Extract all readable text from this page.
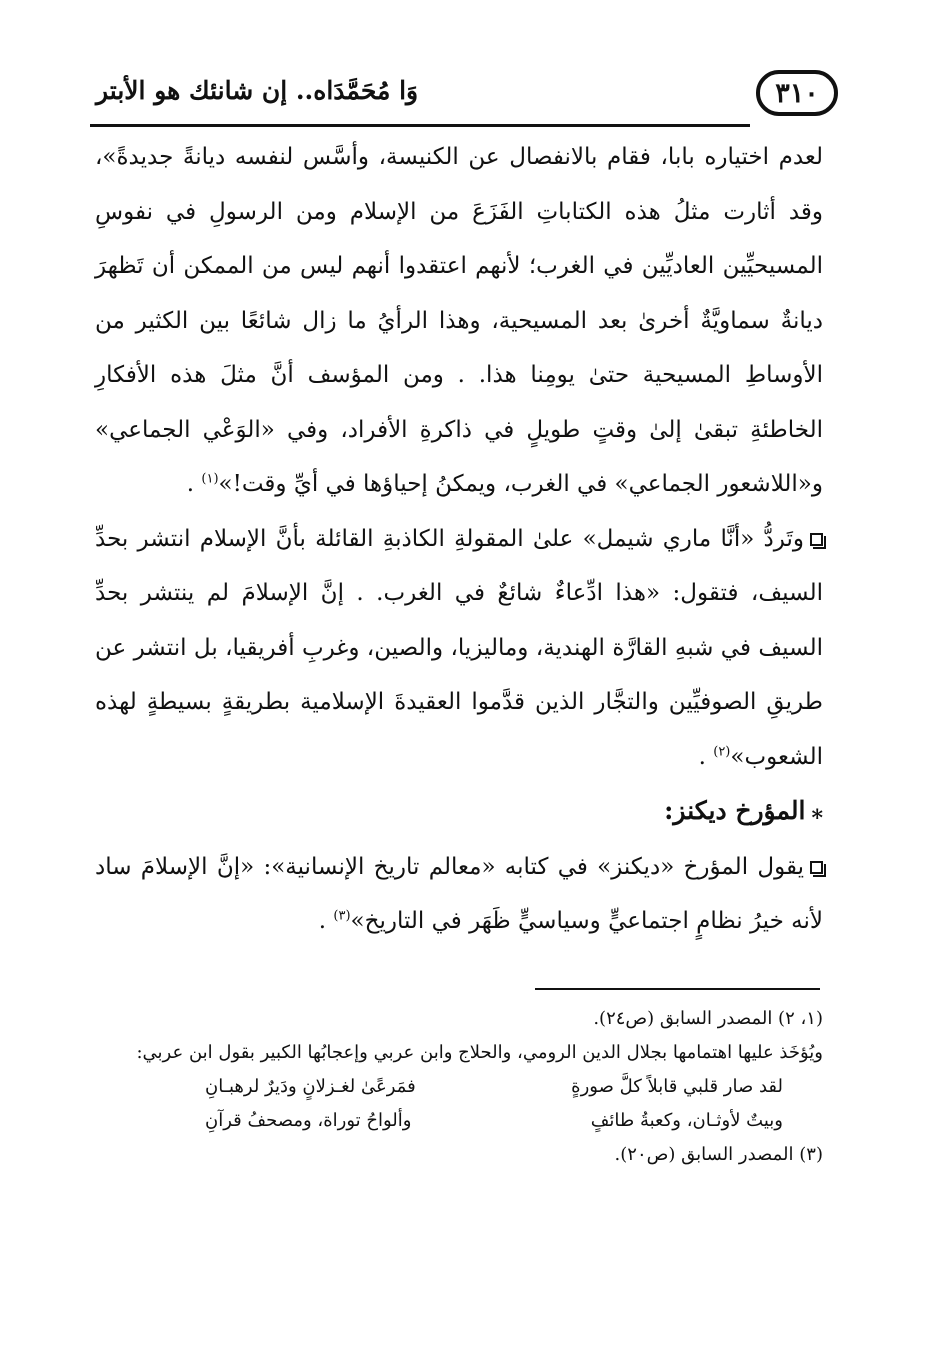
٣١٠
وَا مُحَمَّدَاه.. إن شانئك هو الأبتر

لعدم اختياره بابا، فقام بالانفصال عن الكنيسة، وأسَّس لنفسه ديانةً جديدةً»، وقد أثارت مثلُ هذه الكتاباتِ الفَزَعَ من الإسلام ومن الرسولِ في نفوسِ المسيحيِّين العاديِّين في الغرب؛ لأنهم اعتقدوا أنهم ليس من الممكن أن تَظهرَ ديانةٌ سماويَّةٌ أخرىٰ بعد المسيحية، وهذا الرأيُ ما زال شائعًا بين الكثير من الأوساطِ المسيحية حتىٰ يومِنا هذا. . ومن المؤسف أنَّ مثلَ هذه الأفكارِ الخاطئةِ تبقىٰ إلىٰ وقتٍ طويلٍ في ذاكرةِ الأفراد، وفي «الوَعْي الجماعي» و«اللاشعور الجماعي» في الغرب، ويمكنُ إحياؤها في أيِّ وقت!»$^{(١)}$ .

وتَردُّ «أنَّا ماري شيمل» علىٰ المقولةِ الكاذبةِ القائلة بأنَّ الإسلام انتشر بحدِّ السيف، فتقول: «هذا ادِّعاءٌ شائعٌ في الغرب. . إنَّ الإسلامَ لم ينتشر بحدِّ السيف في شبهِ القارَّة الهندية، وماليزيا، والصين، وغربِ أفريقيا، بل انتشر عن طريقِ الصوفيِّين والتجَّار الذين قدَّموا العقيدةَ الإسلامية بطريقةٍ بسيطةٍ لهذه الشعوب»$^{(٢)}$ .

⁎المؤرخ ديكنز:

يقول المؤرخ «ديكنز» في كتابه «معالم تاريخ الإنسانية»: «إنَّ الإسلامَ ساد لأنه خيرُ نظامٍ اجتماعيٍّ وسياسيٍّ ظَهَر في التاريخ»$^{(٣)}$ .

(١، ٢) المصدر السابق (ص٢٤).

ويُؤخَذ عليها اهتمامها بجلال الدين الرومي، والحلاج وابن عربي وإعجابُها الكبير بقول ابن عربي:

لقد صار قلبي قابلاً كلَّ صورةٍ
فمَرعًىٰ لغـزلانٍ ودَيرٌ لرهبـانِ
وبيتٌ لأوثـان، وكعبةُ طائفٍ
وألواحُ توراة، ومصحفُ قرآنِ

(٣) المصدر السابق (ص٢٠).
